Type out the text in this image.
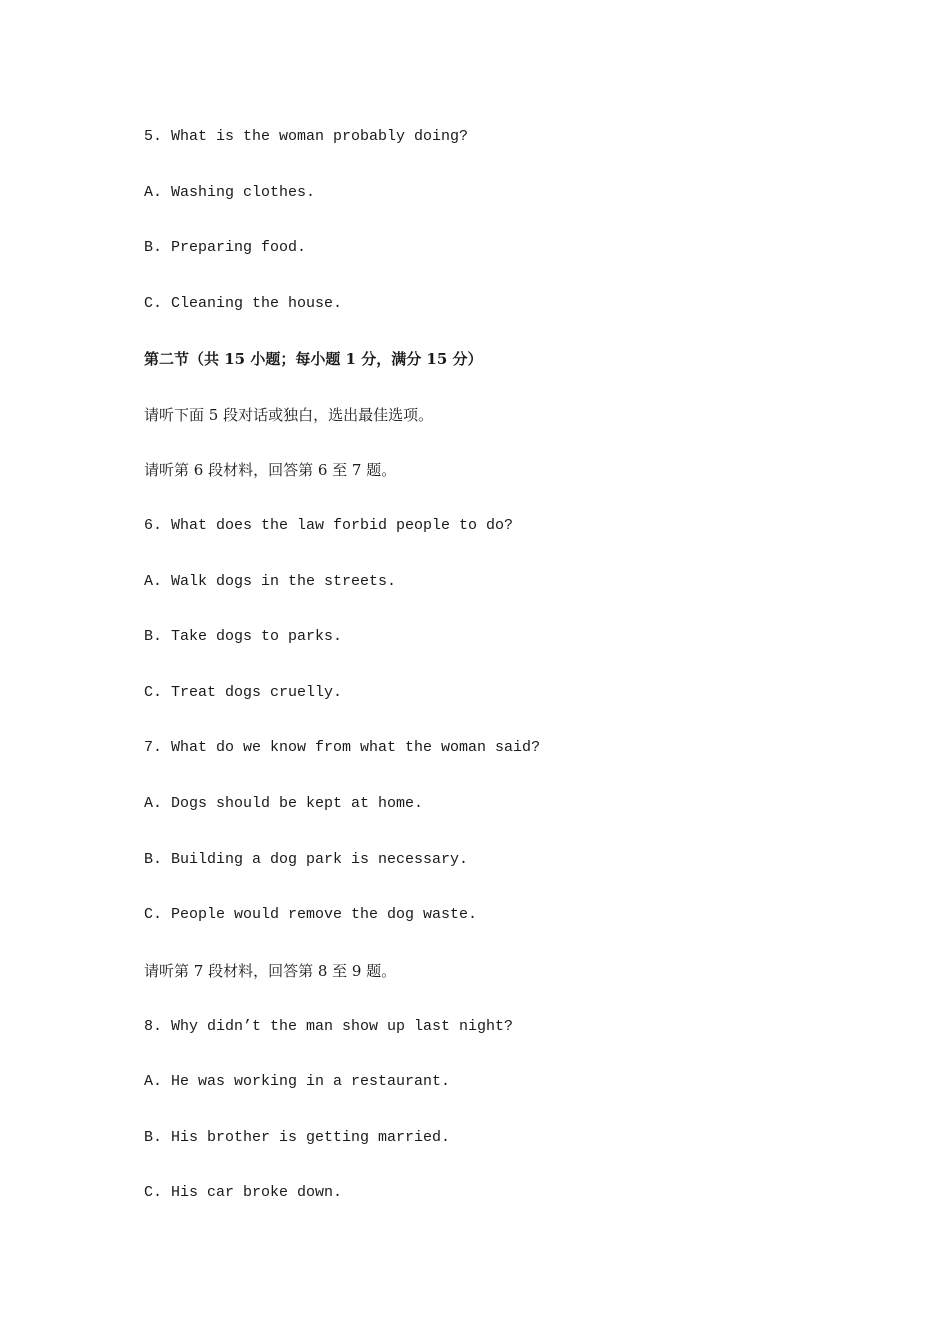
5. What is the woman probably doing?

A. Washing clothes.

B. Preparing food.

C. Cleaning the house.

第二节（共 15 小题；每小题 1 分，满分 15 分）

请听下面 5 段对话或独白，选出最佳选项。

请听第 6 段材料，回答第 6 至 7 题。

6. What does the law forbid people to do?

A. Walk dogs in the streets.

B. Take dogs to parks.

C. Treat dogs cruelly.

7. What do we know from what the woman said?

A. Dogs should be kept at home.

B. Building a dog park is necessary.

C. People would remove the dog waste.

请听第 7 段材料，回答第 8 至 9 题。

8. Why didn’t the man show up last night?

A. He was working in a restaurant.

B. His brother is getting married.

C. His car broke down.
